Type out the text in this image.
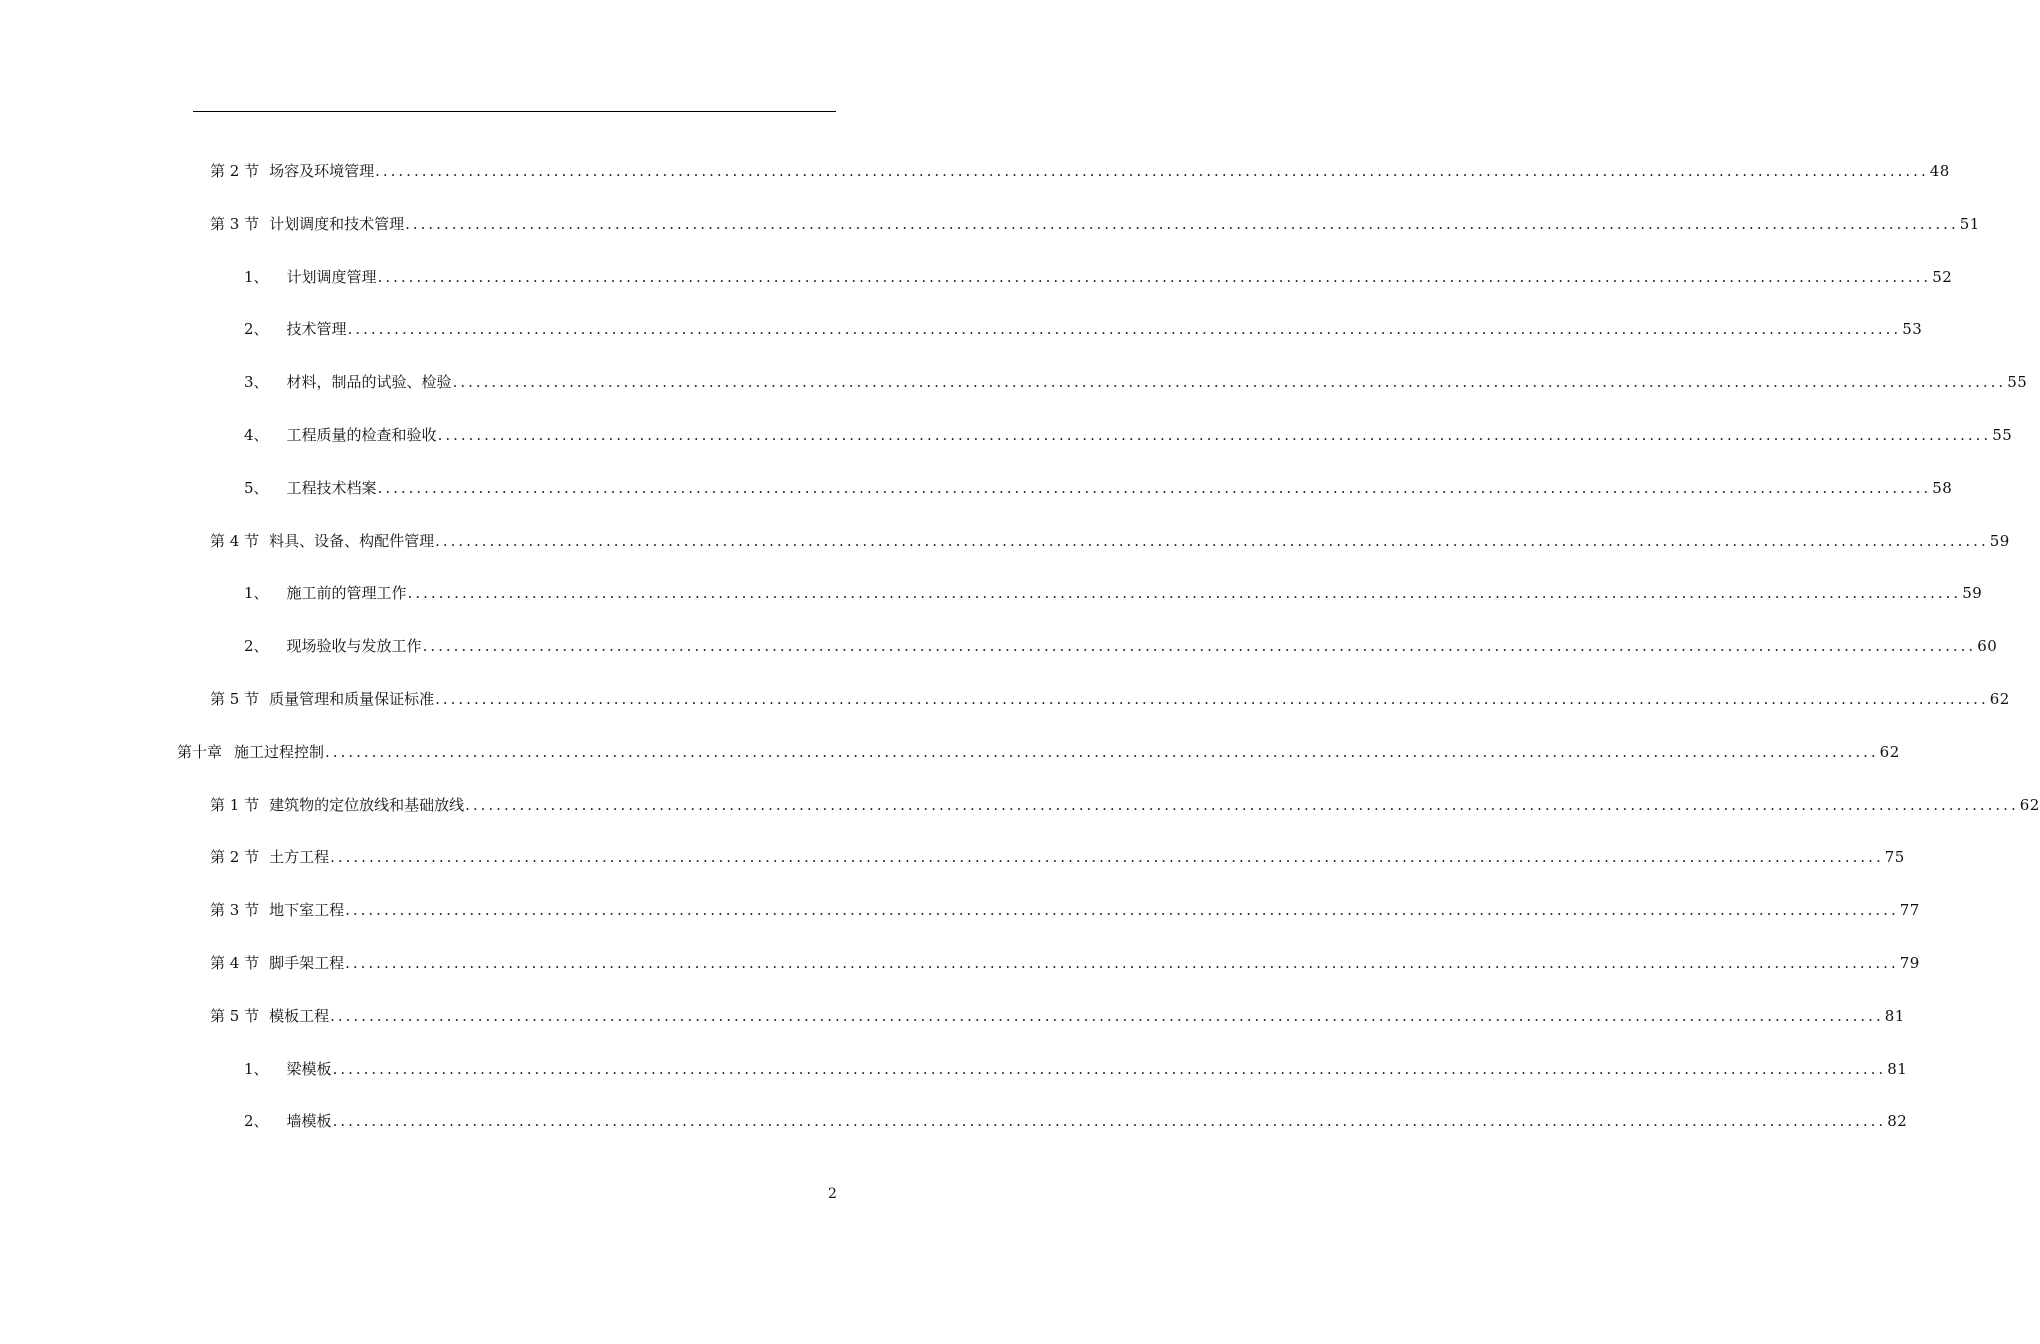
第 2 节 场容及环境管理 ........................................................................................................................................................................................................ 48
第 3 节 计划调度和技术管理 ........................................................................................................................................................................................................ 51
1、 计划调度管理 ........................................................................................................................................................................................................ 52
2、 技术管理 ........................................................................................................................................................................................................ 53
3、 材料，制品的试验、检验 ........................................................................................................................................................................................................ 55
4、 工程质量的检查和验收 ........................................................................................................................................................................................................ 55
5、 工程技术档案 ........................................................................................................................................................................................................ 58
第 4 节 料具、设备、构配件管理 ........................................................................................................................................................................................................ 59
1、 施工前的管理工作 ........................................................................................................................................................................................................ 59
2、 现场验收与发放工作 ........................................................................................................................................................................................................ 60
第 5 节 质量管理和质量保证标准 ........................................................................................................................................................................................................ 62
第十章 施工过程控制 ........................................................................................................................................................................................................ 62
第 1 节 建筑物的定位放线和基础放线 ........................................................................................................................................................................................................ 62
第 2 节 土方工程 ........................................................................................................................................................................................................ 75
第 3 节 地下室工程 ........................................................................................................................................................................................................ 77
第 4 节 脚手架工程 ........................................................................................................................................................................................................ 79
第 5 节 模板工程 ........................................................................................................................................................................................................ 81
1、 梁模板 ........................................................................................................................................................................................................ 81
2、 墙模板 ........................................................................................................................................................................................................ 82
2
